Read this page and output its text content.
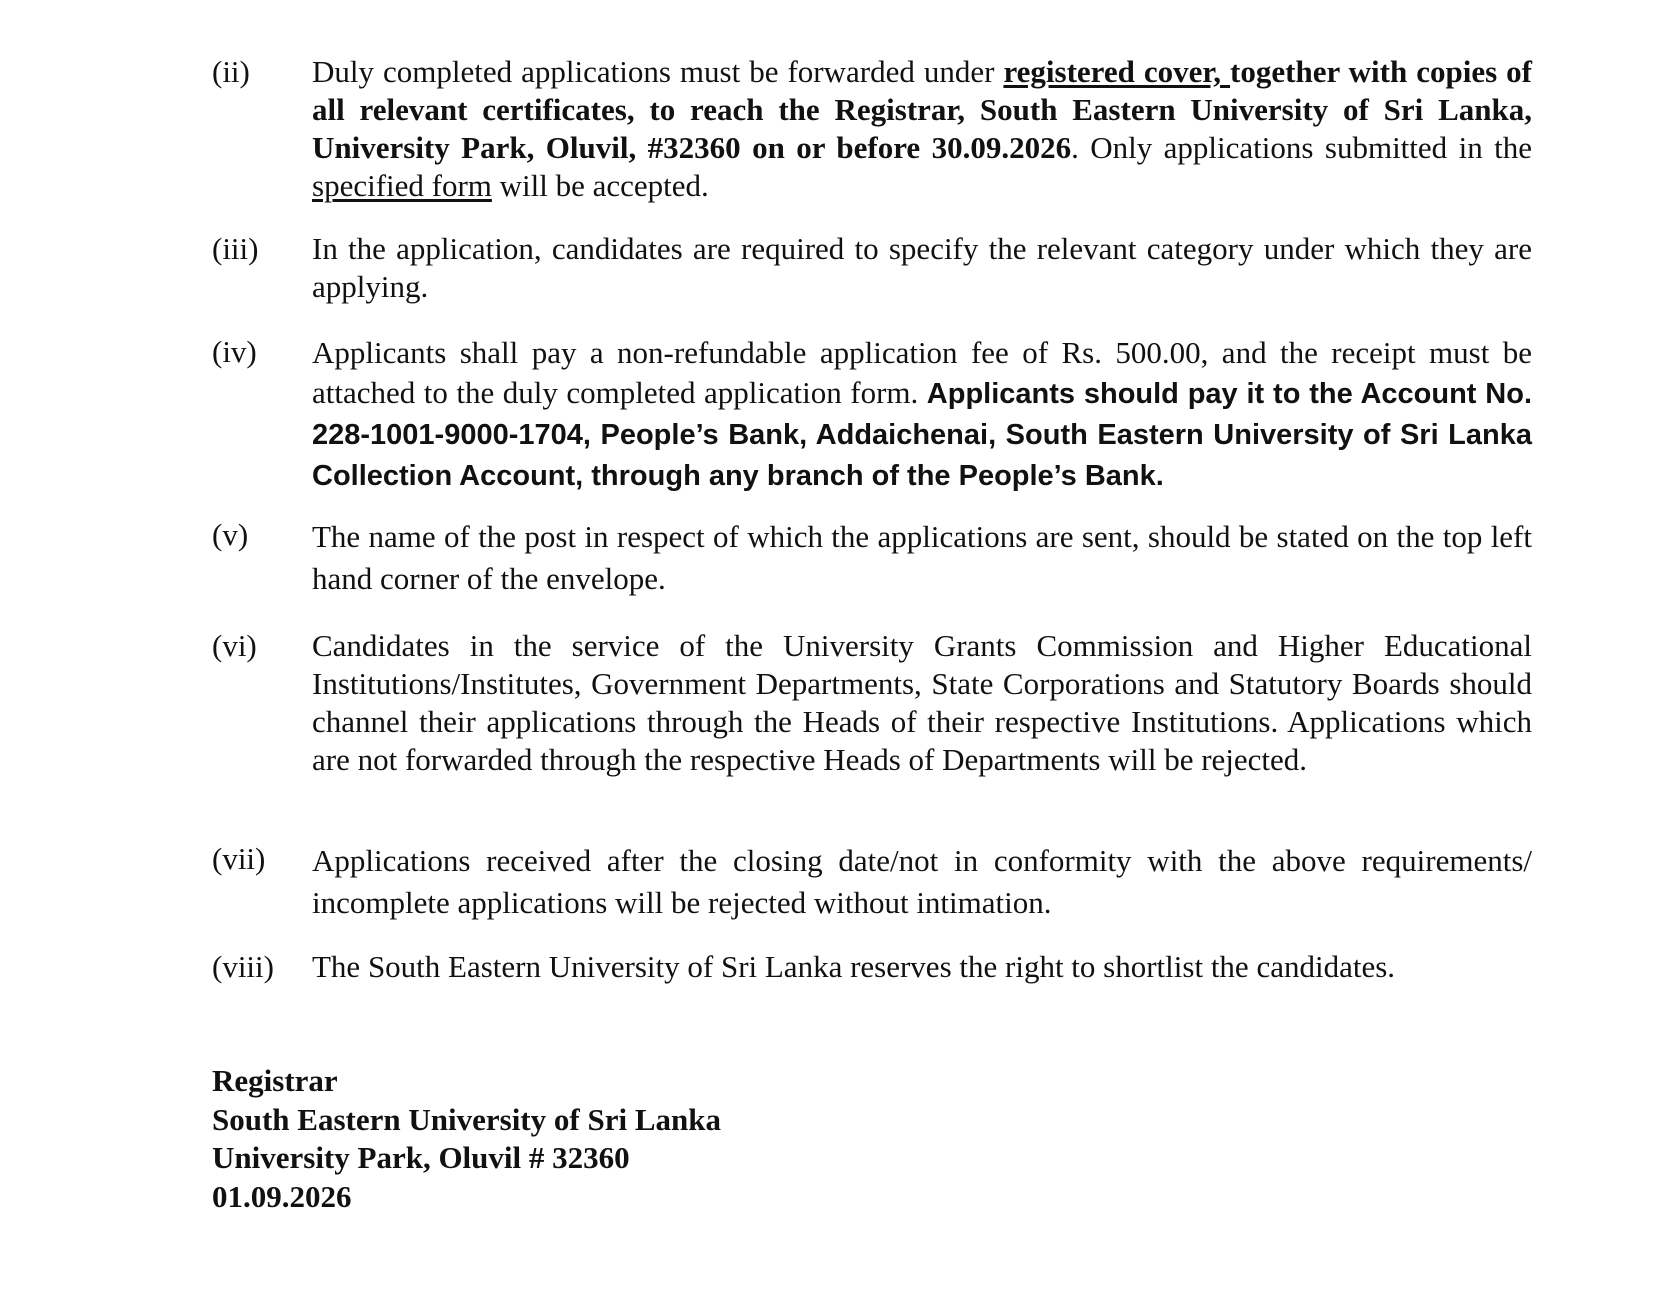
(ii)	Duly completed applications must be forwarded under registered cover, together with copies of all relevant certificates, to reach the Registrar, South Eastern University of Sri Lanka, University Park, Oluvil, #32360 on or before 30.09.2026. Only applications submitted in the specified form will be accepted.
(iii)	In the application, candidates are required to specify the relevant category under which they are applying.
(iv)	Applicants shall pay a non-refundable application fee of Rs. 500.00, and the receipt must be attached to the duly completed application form. Applicants should pay it to the Account No. 228-1001-9000-1704, People’s Bank, Addaichenai, South Eastern University of Sri Lanka Collection Account, through any branch of the People’s Bank.
(v)	The name of the post in respect of which the applications are sent, should be stated on the top left hand corner of the envelope.
(vi)	Candidates in the service of the University Grants Commission and Higher Educational Institutions/Institutes, Government Departments, State Corporations and Statutory Boards should channel their applications through the Heads of their respective Institutions. Applications which are not forwarded through the respective Heads of Departments will be rejected.
(vii)	Applications received after the closing date/not in conformity with the above requirements/ incomplete applications will be rejected without intimation.
(viii)	The South Eastern University of Sri Lanka reserves the right to shortlist the candidates.
Registrar
South Eastern University of Sri Lanka
University Park, Oluvil # 32360
01.09.2026
